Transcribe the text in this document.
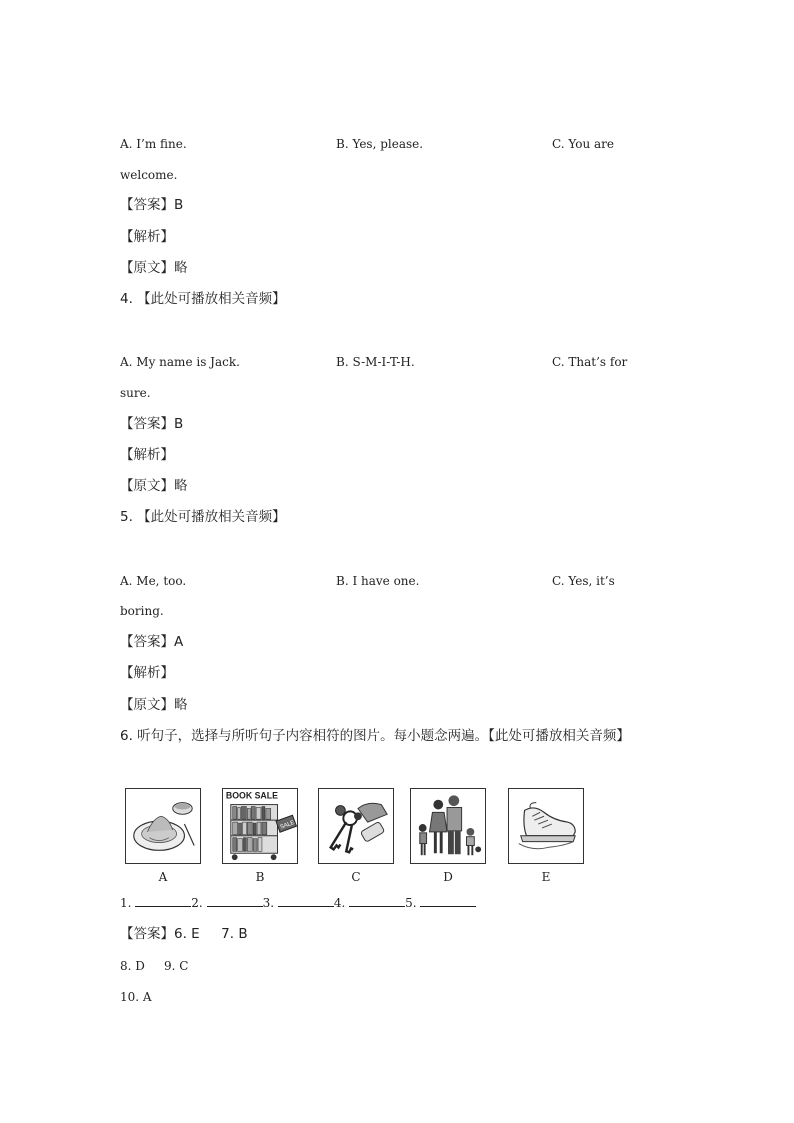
A. I’m fine.	B. Yes, please.	C. You are
welcome.
【答案】B
【解析】
【原文】略
4. 【此处可播放相关音频】
A. My name is Jack.	B. S-M-I-T-H.	C. That’s for
sure.
【答案】B
【解析】
【原文】略
5. 【此处可播放相关音频】
A. Me, too.	B. I have one.	C. Yes, it’s
boring.
【答案】A
【解析】
【原文】略
6. 听句子，选择与所听句子内容相符的图片。每小题念两遍。【此处可播放相关音频】
A
BOOK SALE
SALE
B	C	D	E
1.	2.	3.	4.	5.
【答案】6. E     7. B
8. D     9. C
10. A
